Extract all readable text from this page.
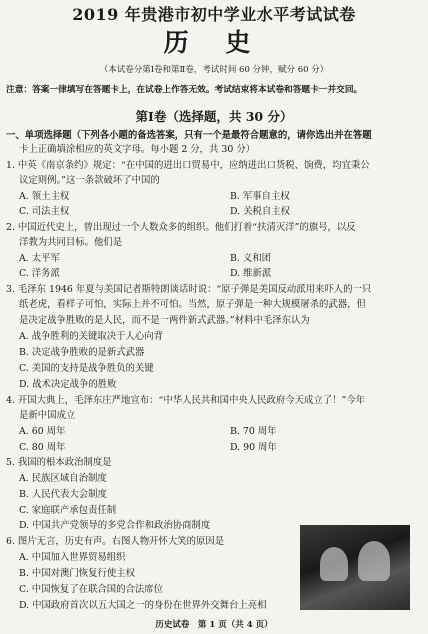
2019 年贵港市初中学业水平考试试卷
历 史
（本试卷分第Ⅰ卷和第Ⅱ卷，考试时间 60 分钟，赋分 60 分）
注意：答案一律填写在答题卡上，在试卷上作答无效。考试结束将本试卷和答题卡一并交回。
第Ⅰ卷（选择题，共 30 分）
一、单项选择题（下列各小题的备选答案，只有一个是最符合题意的，请你选出并在答题
卡上正确填涂相应的英文字母。每小题 2 分，共 30 分）
1. 中英《南京条约》规定：“在中国的进出口贸易中，应纳进出口货税、饷费，均宜秉公
议定则例。”这一条款破坏了中国的
A. 领土主权	B. 军事自主权
C. 司法主权	D. 关税自主权
2. 中国近代史上，曾出现过一个人数众多的组织。他们打着“扶清灭洋”的旗号，以反
洋教为共同目标。他们是
A. 太平军	B. 义和团
C. 洋务派	D. 维新派
3. 毛泽东 1946 年夏与美国记者斯特朗谈话时说：“原子弹是美国反动派用来吓人的一只
纸老虎，看样子可怕，实际上并不可怕。当然，原子弹是一种大规模屠杀的武器，但
是决定战争胜败的是人民，而不是一两件新式武器。”材料中毛泽东认为
A. 战争胜利的关键取决于人心向背
B. 决定战争胜败的是新式武器
C. 美国的支持是战争胜负的关键
D. 战术决定战争的胜败
4. 开国大典上，毛泽东庄严地宣布：“中华人民共和国中央人民政府今天成立了！”今年
是新中国成立
A. 60 周年	B. 70 周年
C. 80 周年	D. 90 周年
5. 我国的根本政治制度是
A. 民族区域自治制度
B. 人民代表大会制度
C. 家庭联产承包责任制
D. 中国共产党领导的多党合作和政治协商制度
6. 图片无言，历史有声。右图人物开怀大笑的原因是
A. 中国加入世界贸易组织
B. 中国对澳门恢复行使主权
C. 中国恢复了在联合国的合法席位
D. 中国政府首次以五大国之一的身份在世界外交舞台上亮相
历史试卷　第 1 页（共 4 页）
